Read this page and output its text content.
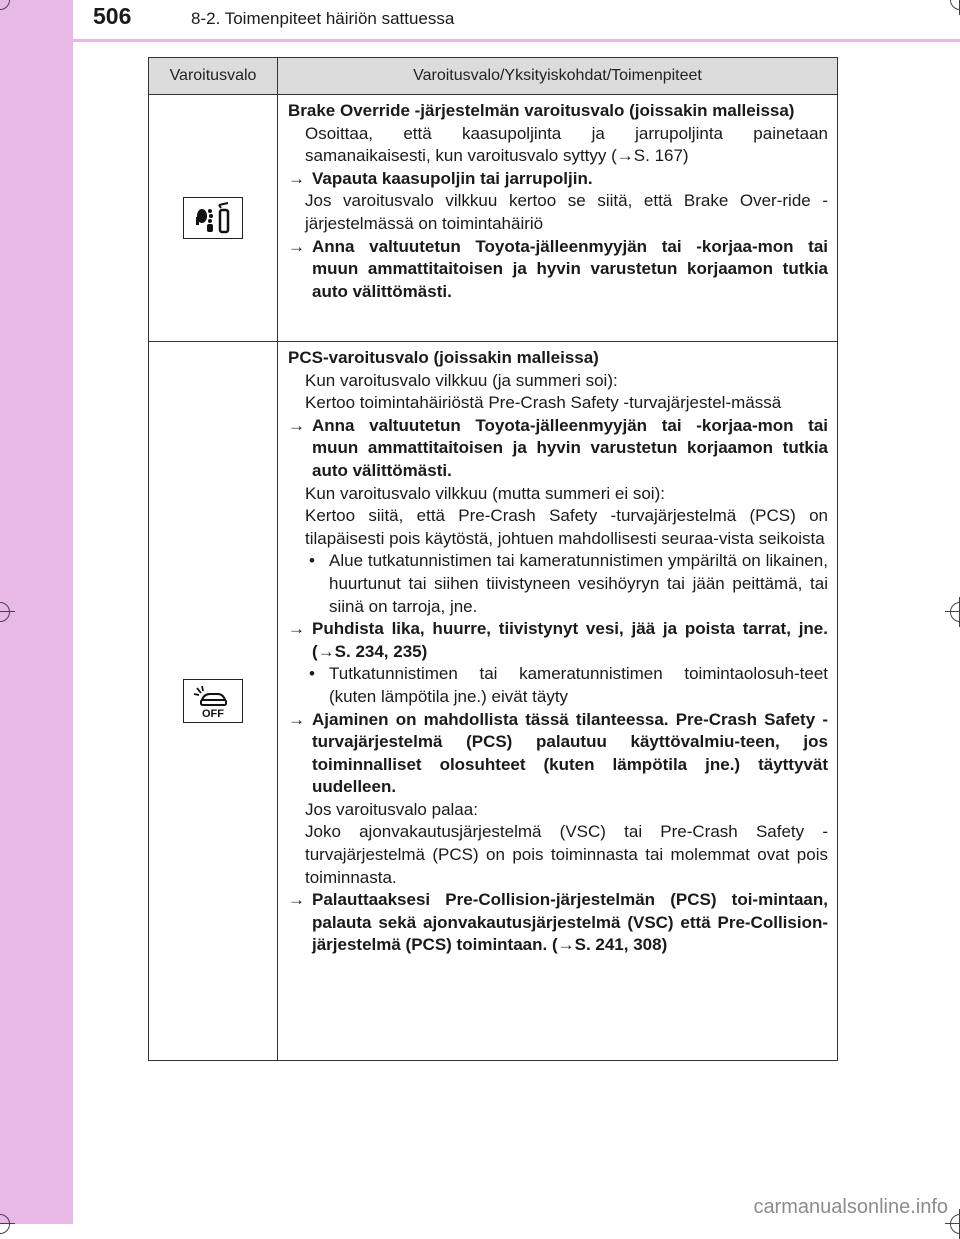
506	8-2. Toimenpiteet häiriön sattuessa
Varoitusvalo	Varoitusvalo/Yksityiskohdat/Toimenpiteet

Brake Override -järjestelmän varoitusvalo (joissakin malleissa)

Osoittaa, että kaasupoljinta ja jarrupoljinta painetaan samanaikaisesti, kun varoitusvalo syttyy (→S. 167)

→ Vapauta kaasupoljin tai jarrupoljin.

Jos varoitusvalo vilkkuu kertoo se siitä, että Brake Over-ride -järjestelmässä on toimintahäiriö

→ Anna valtuutetun Toyota-jälleenmyyjän tai -korjaa-mon tai muun ammattitaitoisen ja hyvin varustetun korjaamon tutkia auto välittömästi.
OFF

PCS-varoitusvalo (joissakin malleissa)

Kun varoitusvalo vilkkuu (ja summeri soi):

Kertoo toimintahäiriöstä Pre-Crash Safety -turvajärjestel-mässä

→ Anna valtuutetun Toyota-jälleenmyyjän tai -korjaa-mon tai muun ammattitaitoisen ja hyvin varustetun korjaamon tutkia auto välittömästi.

Kun varoitusvalo vilkkuu (mutta summeri ei soi):

Kertoo siitä, että Pre-Crash Safety -turvajärjestelmä (PCS) on tilapäisesti pois käytöstä, johtuen mahdollisesti seuraa-vista seikoista

• Alue tutkatunnistimen tai kameratunnistimen ympäriltä on likainen, huurtunut tai siihen tiivistyneen vesihöyryn tai jään peittämä, tai siinä on tarroja, jne.
→ Puhdista lika, huurre, tiivistynyt vesi, jää ja poista tarrat, jne. (→S. 234, 235)
• Tutkatunnistimen tai kameratunnistimen toimintaolosuh-teet (kuten lämpötila jne.) eivät täyty
→ Ajaminen on mahdollista tässä tilanteessa. Pre-Crash Safety -turvajärjestelmä (PCS) palautuu käyttövalmiu-teen, jos toiminnalliset olosuhteet (kuten lämpötila jne.) täyttyvät uudelleen.

Jos varoitusvalo palaa:

Joko ajonvakautusjärjestelmä (VSC) tai Pre-Crash Safety -turvajärjestelmä (PCS) on pois toiminnasta tai molemmat ovat pois toiminnasta.

→ Palauttaaksesi Pre-Collision-järjestelmän (PCS) toi-mintaan, palauta sekä ajonvakautusjärjestelmä (VSC) että Pre-Collision-järjestelmä (PCS) toimintaan. (→S. 241, 308)
carmanualsonline.info
